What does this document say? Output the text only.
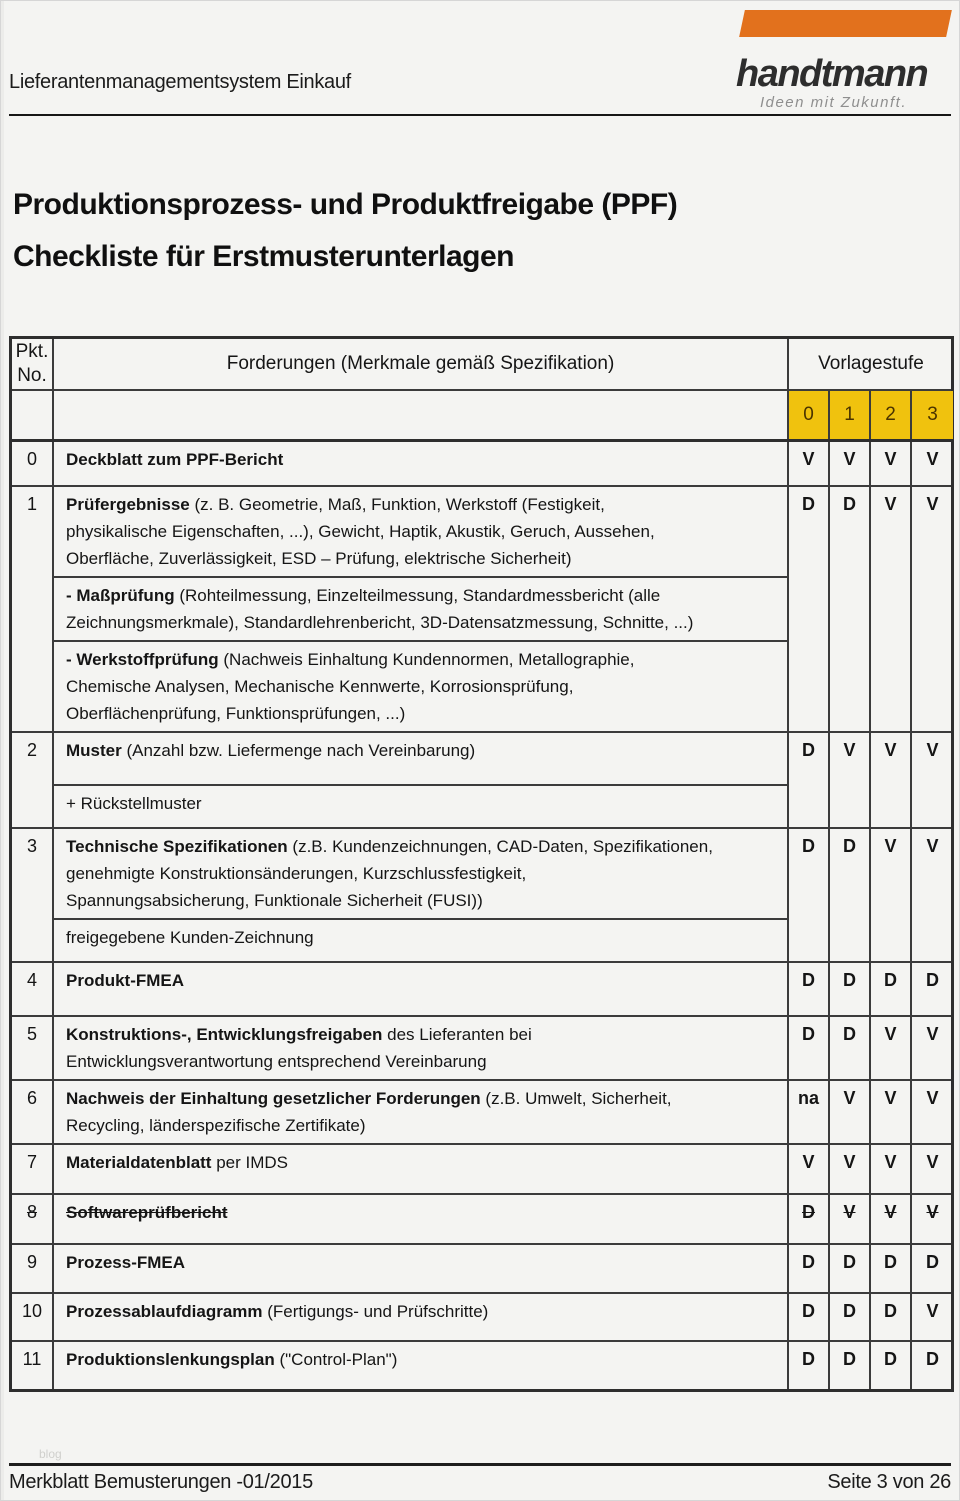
Lieferantenmanagementsystem Einkauf	handtmann
Ideen mit Zukunft.
Produktionsprozess- und Produktfreigabe (PPF)
Checkliste für Erstmusterunterlagen
Pkt.
No.
Forderungen (Merkmale gemäß Spezifikation)	Vorlagestufe
0	1	2	3
0	Deckblatt zum PPF-Bericht	V	V	V	V
1	Prüfergebnisse (z. B. Geometrie, Maß, Funktion, Werkstoff (Festigkeit,
physikalische Eigenschaften, ...), Gewicht, Haptik, Akustik, Geruch, Aussehen,
Oberfläche, Zuverlässigkeit, ESD – Prüfung, elektrische Sicherheit)
- Maßprüfung (Rohteilmessung, Einzelteilmessung, Standardmessbericht (alle
Zeichnungsmerkmale), Standardlehrenbericht, 3D-Datensatzmessung, Schnitte, ...)
- Werkstoffprüfung (Nachweis Einhaltung Kundennormen, Metallographie,
Chemische Analysen, Mechanische Kennwerte, Korrosionsprüfung,
Oberflächenprüfung, Funktionsprüfungen, ...)
D	D	V	V
2	Muster (Anzahl bzw. Liefermenge nach Vereinbarung)
+ Rückstellmuster
D	V	V	V
3	Technische Spezifikationen (z.B. Kundenzeichnungen, CAD-Daten, Spezifikationen,
genehmigte Konstruktionsänderungen, Kurzschlussfestigkeit,
Spannungsabsicherung, Funktionale Sicherheit (FUSI))
freigegebene Kunden-Zeichnung
D	D	V	V
4	Produkt-FMEA	D	D	D	D
5	Konstruktions-, Entwicklungsfreigaben des Lieferanten bei
Entwicklungsverantwortung entsprechend Vereinbarung
D	D	V	V
6	Nachweis der Einhaltung gesetzlicher Forderungen (z.B. Umwelt, Sicherheit,
Recycling, länderspezifische Zertifikate)
na	V	V	V
7	Materialdatenblatt per IMDS	V	V	V	V
8	Softwareprüfbericht	D	V	V	V
9	Prozess-FMEA	D	D	D	D
10	Prozessablaufdiagramm (Fertigungs- und Prüfschritte)	D	D	D	V
11	Produktionslenkungsplan ("Control-Plan")	D	D	D	D
blog
Merkblatt Bemusterungen -01/2015	Seite 3 von 26
